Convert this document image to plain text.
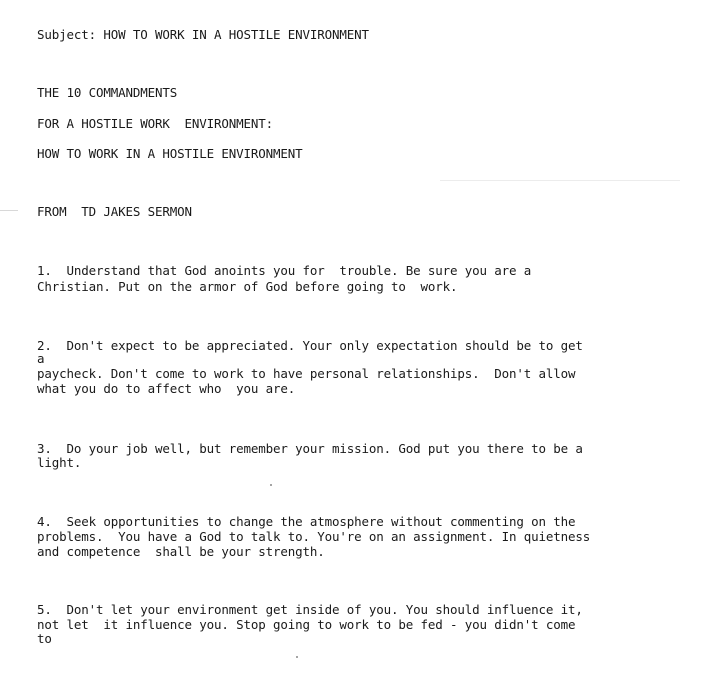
Subject: HOW TO WORK IN A HOSTILE ENVIRONMENT

THE 10 COMMANDMENTS

FOR A HOSTILE WORK  ENVIRONMENT:

HOW TO WORK IN A HOSTILE ENVIRONMENT

FROM  TD JAKES SERMON

1.  Understand that God anoints you for  trouble. Be sure you are a

Christian. Put on the armor of God before going to  work.

2.  Don't expect to be appreciated. Your only expectation should be to get

a

paycheck. Don't come to work to have personal relationships.  Don't allow

what you do to affect who  you are.

3.  Do your job well, but remember your mission. God put you there to be a

light.

4.  Seek opportunities to change the atmosphere without commenting on the

problems.  You have a God to talk to. You're on an assignment. In quietness

and competence  shall be your strength.

5.  Don't let your environment get inside of you. You should influence it,

not let  it influence you. Stop going to work to be fed - you didn't come

to
